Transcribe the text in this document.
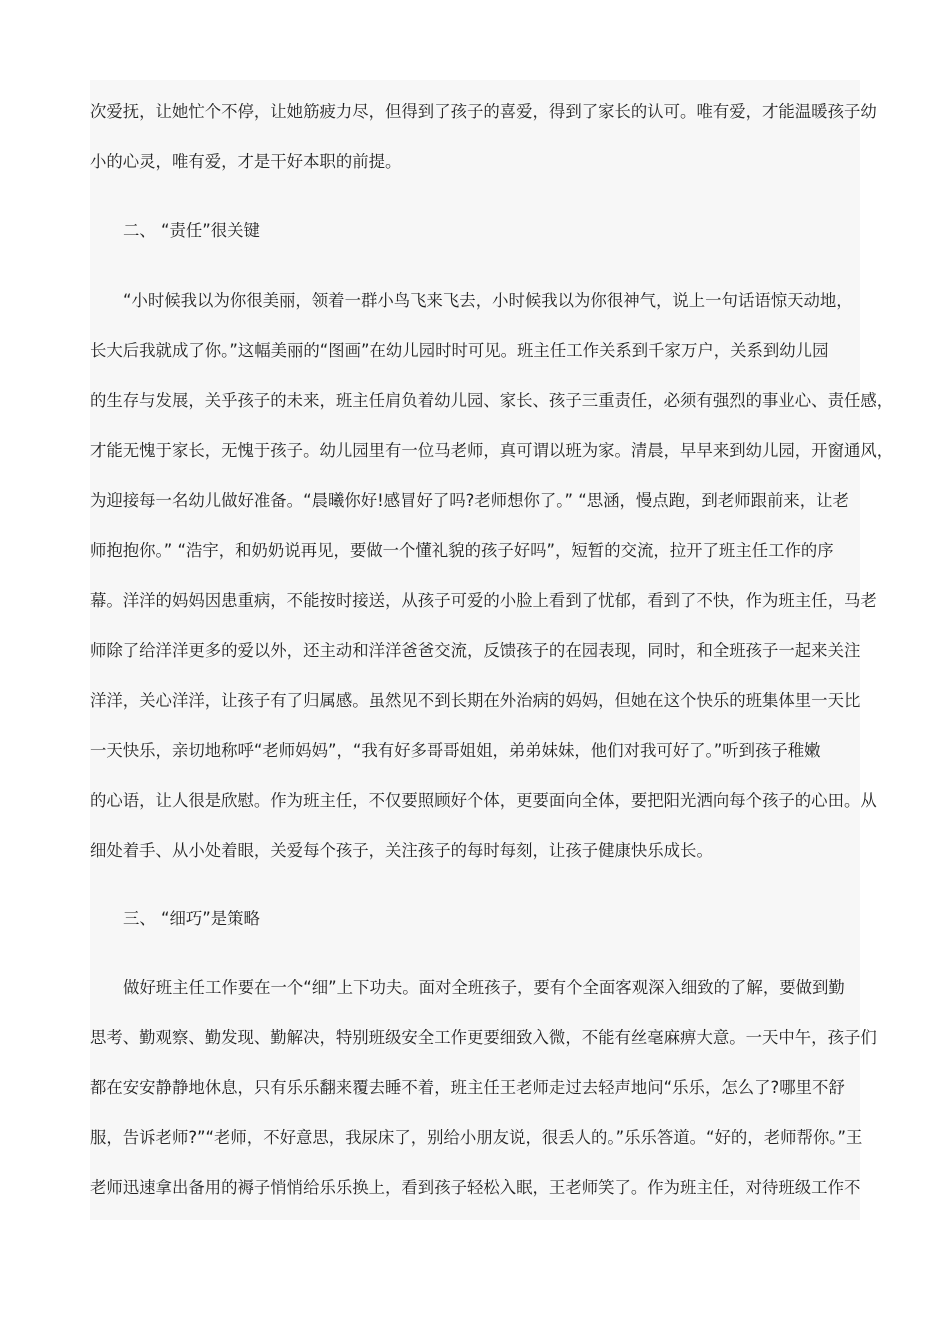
次爱抚，让她忙个不停，让她筋疲力尽，但得到了孩子的喜爱，得到了家长的认可。唯有爱，才能温暖孩子幼
小的心灵，唯有爱，才是干好本职的前提。
二、 “责任”很关键
“小时候我以为你很美丽，领着一群小鸟飞来飞去，小时候我以为你很神气，说上一句话语惊天动地，
长大后我就成了你。”这幅美丽的“图画”在幼儿园时时可见。班主任工作关系到千家万户，关系到幼儿园
的生存与发展，关乎孩子的未来，班主任肩负着幼儿园、家长、孩子三重责任，必须有强烈的事业心、责任感，
才能无愧于家长，无愧于孩子。幼儿园里有一位马老师，真可谓以班为家。清晨，早早来到幼儿园，开窗通风，
为迎接每一名幼儿做好准备。“晨曦你好!感冒好了吗?老师想你了。” “思涵，慢点跑，到老师跟前来，让老
师抱抱你。” “浩宇，和奶奶说再见，要做一个懂礼貌的孩子好吗”，短暂的交流，拉开了班主任工作的序
幕。洋洋的妈妈因患重病，不能按时接送，从孩子可爱的小脸上看到了忧郁，看到了不快，作为班主任，马老
师除了给洋洋更多的爱以外，还主动和洋洋爸爸交流，反馈孩子的在园表现，同时，和全班孩子一起来关注
洋洋，关心洋洋，让孩子有了归属感。虽然见不到长期在外治病的妈妈，但她在这个快乐的班集体里一天比
一天快乐，亲切地称呼“老师妈妈”，“我有好多哥哥姐姐，弟弟妹妹，他们对我可好了。”听到孩子稚嫩
的心语，让人很是欣慰。作为班主任，不仅要照顾好个体，更要面向全体，要把阳光洒向每个孩子的心田。从
细处着手、从小处着眼，关爱每个孩子，关注孩子的每时每刻，让孩子健康快乐成长。
三、 “细巧”是策略
做好班主任工作要在一个“细”上下功夫。面对全班孩子，要有个全面客观深入细致的了解，要做到勤
思考、勤观察、勤发现、勤解决，特别班级安全工作更要细致入微，不能有丝毫麻痹大意。一天中午，孩子们
都在安安静静地休息，只有乐乐翻来覆去睡不着，班主任王老师走过去轻声地问“乐乐，怎么了?哪里不舒
服，告诉老师?”“老师，不好意思，我尿床了，别给小朋友说，很丢人的。”乐乐答道。“好的，老师帮你。”王
老师迅速拿出备用的褥子悄悄给乐乐换上，看到孩子轻松入眠，王老师笑了。作为班主任，对待班级工作不
